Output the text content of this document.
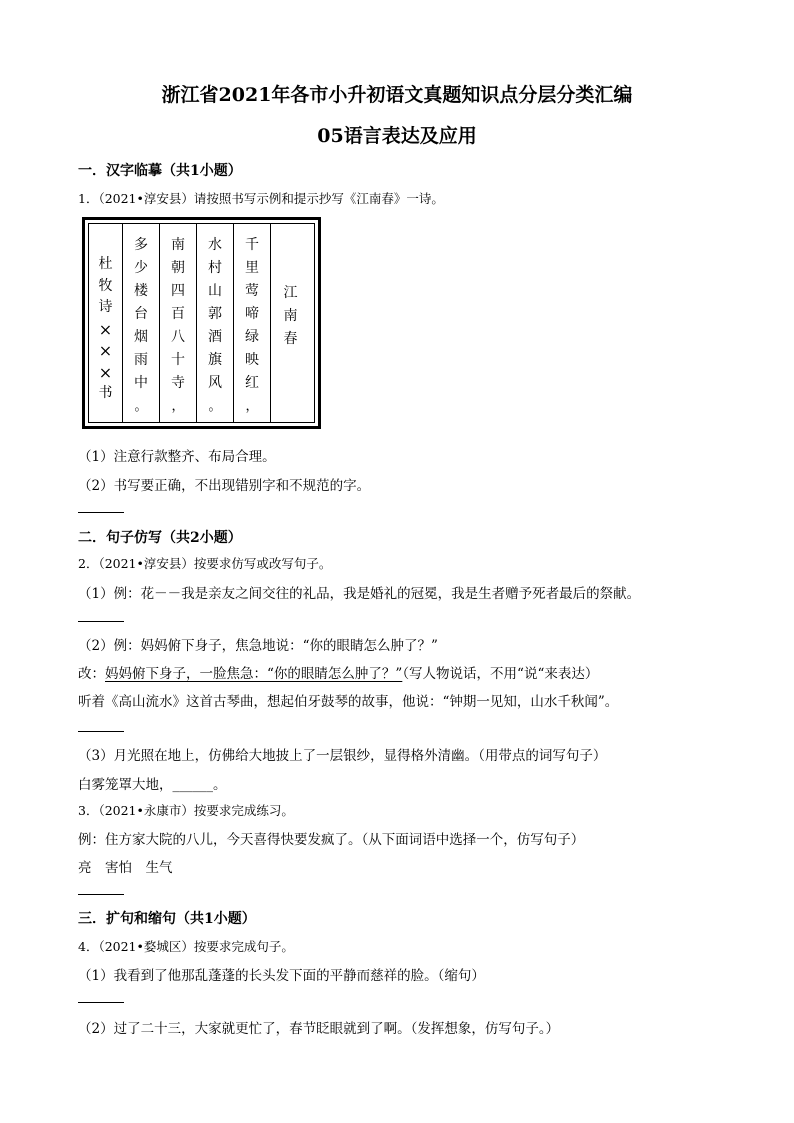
浙江省2021年各市小升初语文真题知识点分层分类汇编
05语言表达及应用
一．汉字临摹（共1小题）
1．（2021•淳安县）请按照书写示例和提示抄写《江南春》一诗。
杜
牧
诗
×
×
×
书
多
少
楼
台
烟
雨
中
。
南
朝
四
百
八
十
寺
，
水
村
山
郭
酒
旗
风
。
千
里
莺
啼
绿
映
红
，
江
南
春
（1）注意行款整齐、布局合理。
（2）书写要正确，不出现错别字和不规范的字。
二．句子仿写（共2小题）
2．（2021•淳安县）按要求仿写或改写句子。
（1）例：花－－我是亲友之间交往的礼品，我是婚礼的冠冕，我是生者赠予死者最后的祭献。
（2）例：妈妈俯下身子，焦急地说：“你的眼睛怎么肿了？”
改：妈妈俯下身子，一脸焦急：“你的眼睛怎么肿了？”（写人物说话，不用“说“来表达）
听着《高山流水》这首古琴曲，想起伯牙鼓琴的故事，他说：“钟期一见知，山水千秋闻”。
（3）月光照在地上，仿佛给大地披上了一层银纱，显得格外清幽。（用带点的词写句子）
白雾笼罩大地，______。
3．（2021•永康市）按要求完成练习。
例：住方家大院的八儿，今天喜得快要发疯了。（从下面词语中选择一个，仿写句子）
亮　害怕　生气
三．扩句和缩句（共1小题）
4．（2021•婺城区）按要求完成句子。
（1）我看到了他那乱蓬蓬的长头发下面的平静而慈祥的脸。（缩句）
（2）过了二十三，大家就更忙了，春节眨眼就到了啊。（发挥想象，仿写句子。）
